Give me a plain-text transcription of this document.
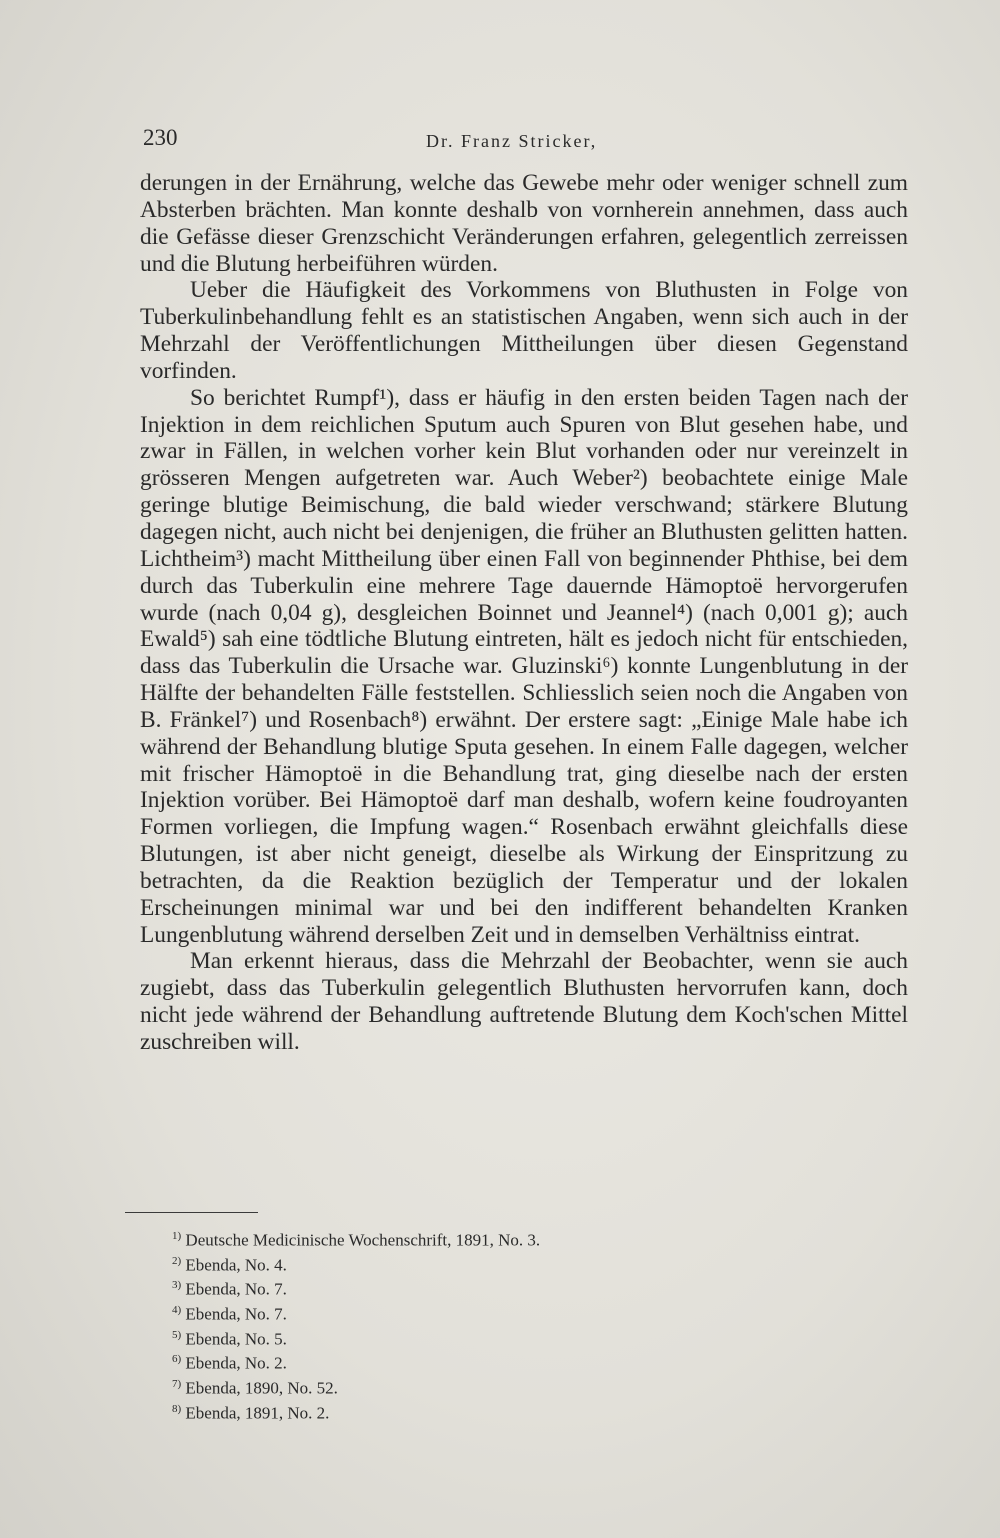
230	Dr. Franz Stricker,

derungen in der Ernährung, welche das Gewebe mehr oder weniger schnell zum Absterben brächten. Man konnte deshalb von vornherein annehmen, dass auch die Gefässe dieser Grenzschicht Veränderungen erfahren, gelegentlich zerreissen und die Blutung herbeiführen würden.

Ueber die Häufigkeit des Vorkommens von Bluthusten in Folge von Tuberkulinbehandlung fehlt es an statistischen Angaben, wenn sich auch in der Mehrzahl der Veröffentlichungen Mittheilungen über diesen Gegenstand vorfinden.

So berichtet Rumpf¹), dass er häufig in den ersten beiden Tagen nach der Injektion in dem reichlichen Sputum auch Spuren von Blut gesehen habe, und zwar in Fällen, in welchen vorher kein Blut vorhanden oder nur vereinzelt in grösseren Mengen aufgetreten war. Auch Weber²) beobachtete einige Male geringe blutige Beimischung, die bald wieder verschwand; stärkere Blutung dagegen nicht, auch nicht bei denjenigen, die früher an Bluthusten gelitten hatten. Lichtheim³) macht Mittheilung über einen Fall von beginnender Phthise, bei dem durch das Tuberkulin eine mehrere Tage dauernde Hämoptoë hervorgerufen wurde (nach 0,04 g), desgleichen Boinnet und Jeannel⁴) (nach 0,001 g); auch Ewald⁵) sah eine tödtliche Blutung eintreten, hält es jedoch nicht für entschieden, dass das Tuberkulin die Ursache war. Gluzinski⁶) konnte Lungenblutung in der Hälfte der behandelten Fälle feststellen. Schliesslich seien noch die Angaben von B. Fränkel⁷) und Rosenbach⁸) erwähnt. Der erstere sagt: „Einige Male habe ich während der Behandlung blutige Sputa gesehen. In einem Falle dagegen, welcher mit frischer Hämoptoë in die Behandlung trat, ging dieselbe nach der ersten Injektion vorüber. Bei Hämoptoë darf man deshalb, wofern keine foudroyanten Formen vorliegen, die Impfung wagen.“ Rosenbach erwähnt gleichfalls diese Blutungen, ist aber nicht geneigt, dieselbe als Wirkung der Einspritzung zu betrachten, da die Reaktion bezüglich der Temperatur und der lokalen Erscheinungen minimal war und bei den indifferent behandelten Kranken Lungenblutung während derselben Zeit und in demselben Verhältniss eintrat.

Man erkennt hieraus, dass die Mehrzahl der Beobachter, wenn sie auch zugiebt, dass das Tuberkulin gelegentlich Bluthusten hervorrufen kann, doch nicht jede während der Behandlung auftretende Blutung dem Koch'schen Mittel zuschreiben will.

$^{1)}$ Deutsche Medicinische Wochenschrift, 1891, No. 3.

$^{2)}$ Ebenda, No. 4.

$^{3)}$ Ebenda, No. 7.

$^{4)}$ Ebenda, No. 7.

$^{5)}$ Ebenda, No. 5.

$^{6)}$ Ebenda, No. 2.

$^{7)}$ Ebenda, 1890, No. 52.

$^{8)}$ Ebenda, 1891, No. 2.
